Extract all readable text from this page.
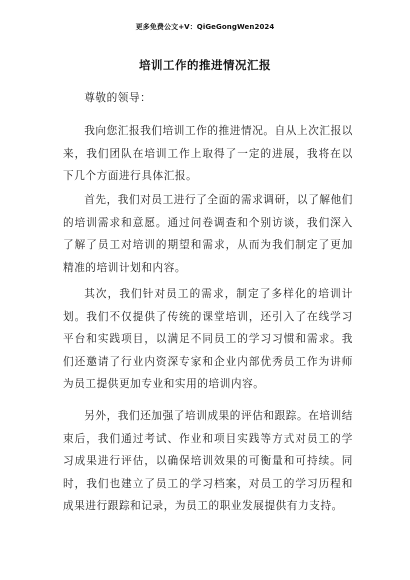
更多免费公文+V：QiGeGongWen2024
培训工作的推进情况汇报

尊敬的领导：

我向您汇报我们培训工作的推进情况。自从上次汇报以来，我们团队在培训工作上取得了一定的进展，我将在以下几个方面进行具体汇报。

首先，我们对员工进行了全面的需求调研，以了解他们的培训需求和意愿。通过问卷调查和个别访谈，我们深入了解了员工对培训的期望和需求，从而为我们制定了更加精准的培训计划和内容。

其次，我们针对员工的需求，制定了多样化的培训计划。我们不仅提供了传统的课堂培训，还引入了在线学习平台和实践项目，以满足不同员工的学习习惯和需求。我们还邀请了行业内资深专家和企业内部优秀员工作为讲师为员工提供更加专业和实用的培训内容。

另外，我们还加强了培训成果的评估和跟踪。在培训结束后，我们通过考试、作业和项目实践等方式对员工的学习成果进行评估，以确保培训效果的可衡量和可持续。同时，我们也建立了员工的学习档案，对员工的学习历程和成果进行跟踪和记录，为员工的职业发展提供有力支持。
